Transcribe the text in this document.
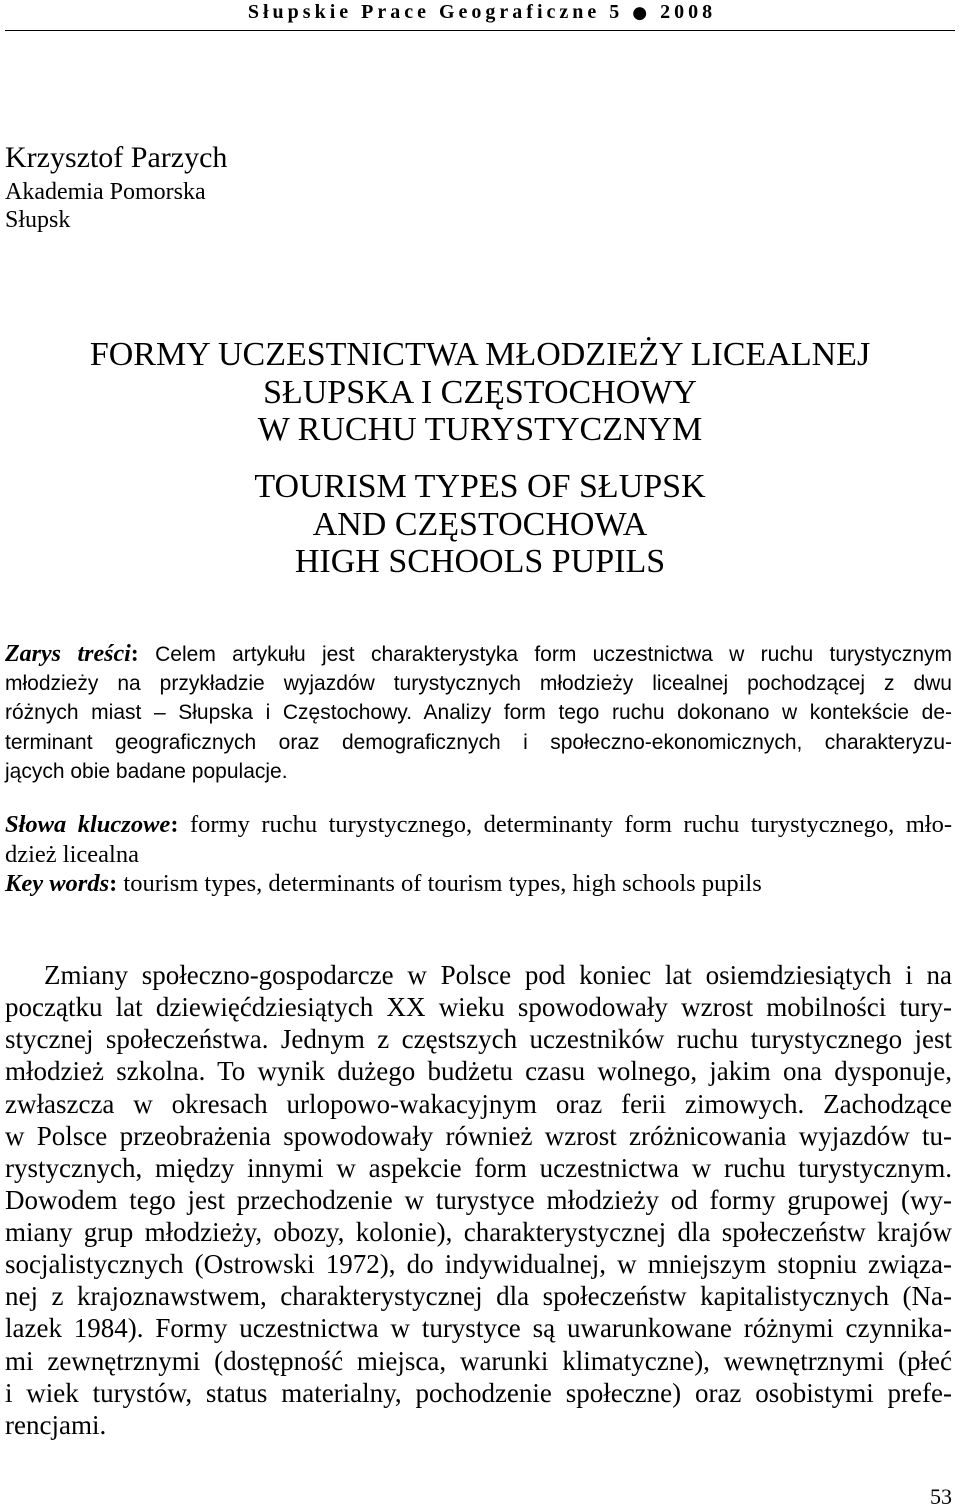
Słupskie Prace Geograficzne 5 ● 2008
Krzysztof Parzych
Akademia Pomorska
Słupsk
FORMY UCZESTNICTWA MŁODZIEŻY LICEALNEJ
SŁUPSKA I CZĘSTOCHOWY
W RUCHU TURYSTYCZNYM
TOURISM TYPES OF SŁUPSK
AND CZĘSTOCHOWA
HIGH SCHOOLS PUPILS
Zarys treści: Celem artykułu jest charakterystyka form uczestnictwa w ruchu turystycznym
młodzieży na przykładzie wyjazdów turystycznych młodzieży licealnej pochodzącej z dwu
różnych miast – Słupska i Częstochowy. Analizy form tego ruchu dokonano w kontekście de-
terminant geograficznych oraz demograficznych i społeczno-ekonomicznych, charakteryzu-
jących obie badane populacje.
Słowa kluczowe: formy ruchu turystycznego, determinanty form ruchu turystycznego, mło-
dzież licealna
Key words: tourism types, determinants of tourism types, high schools pupils
Zmiany społeczno-gospodarcze w Polsce pod koniec lat osiemdziesiątych i na
początku lat dziewięćdziesiątych XX wieku spowodowały wzrost mobilności tury-
stycznej społeczeństwa. Jednym z częstszych uczestników ruchu turystycznego jest
młodzież szkolna. To wynik dużego budżetu czasu wolnego, jakim ona dysponuje,
zwłaszcza w okresach urlopowo-wakacyjnym oraz ferii zimowych. Zachodzące
w Polsce przeobrażenia spowodowały również wzrost zróżnicowania wyjazdów tu-
rystycznych, między innymi w aspekcie form uczestnictwa w ruchu turystycznym.
Dowodem tego jest przechodzenie w turystyce młodzieży od formy grupowej (wy-
miany grup młodzieży, obozy, kolonie), charakterystycznej dla społeczeństw krajów
socjalistycznych (Ostrowski 1972), do indywidualnej, w mniejszym stopniu związa-
nej z krajoznawstwem, charakterystycznej dla społeczeństw kapitalistycznych (Na-
lazek 1984). Formy uczestnictwa w turystyce są uwarunkowane różnymi czynnika-
mi zewnętrznymi (dostępność miejsca, warunki klimatyczne), wewnętrznymi (płeć
i wiek turystów, status materialny, pochodzenie społeczne) oraz osobistymi prefe-
rencjami.
53
